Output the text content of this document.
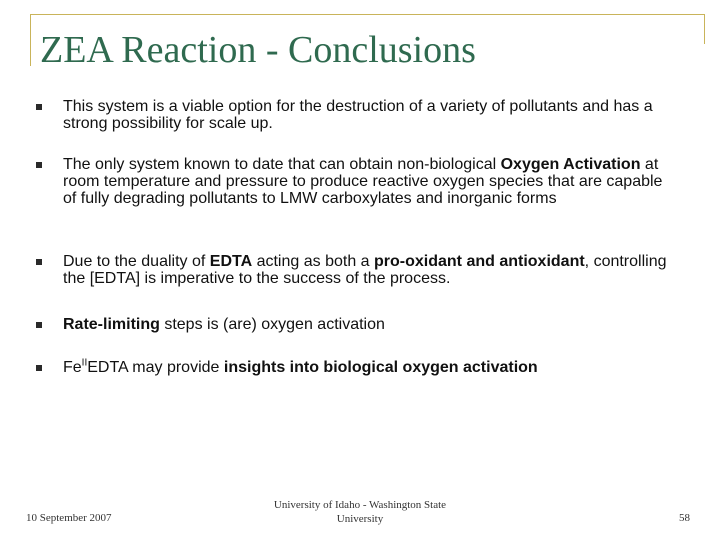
ZEA Reaction - Conclusions
This system is a viable option for the destruction of a variety of pollutants and has a strong possibility for scale up.
The only system known to date that can obtain non-biological Oxygen Activation at room temperature and pressure to produce reactive oxygen species that are capable of fully degrading pollutants to LMW carboxylates and inorganic forms
Due to the duality of EDTA acting as both a pro-oxidant and antioxidant, controlling the [EDTA] is imperative to the success of the process.
Rate-limiting steps is (are) oxygen activation
$Fe^{II}EDTA$ may provide insights into biological oxygen activation
10 September 2007
University of Idaho - Washington State
University	58
